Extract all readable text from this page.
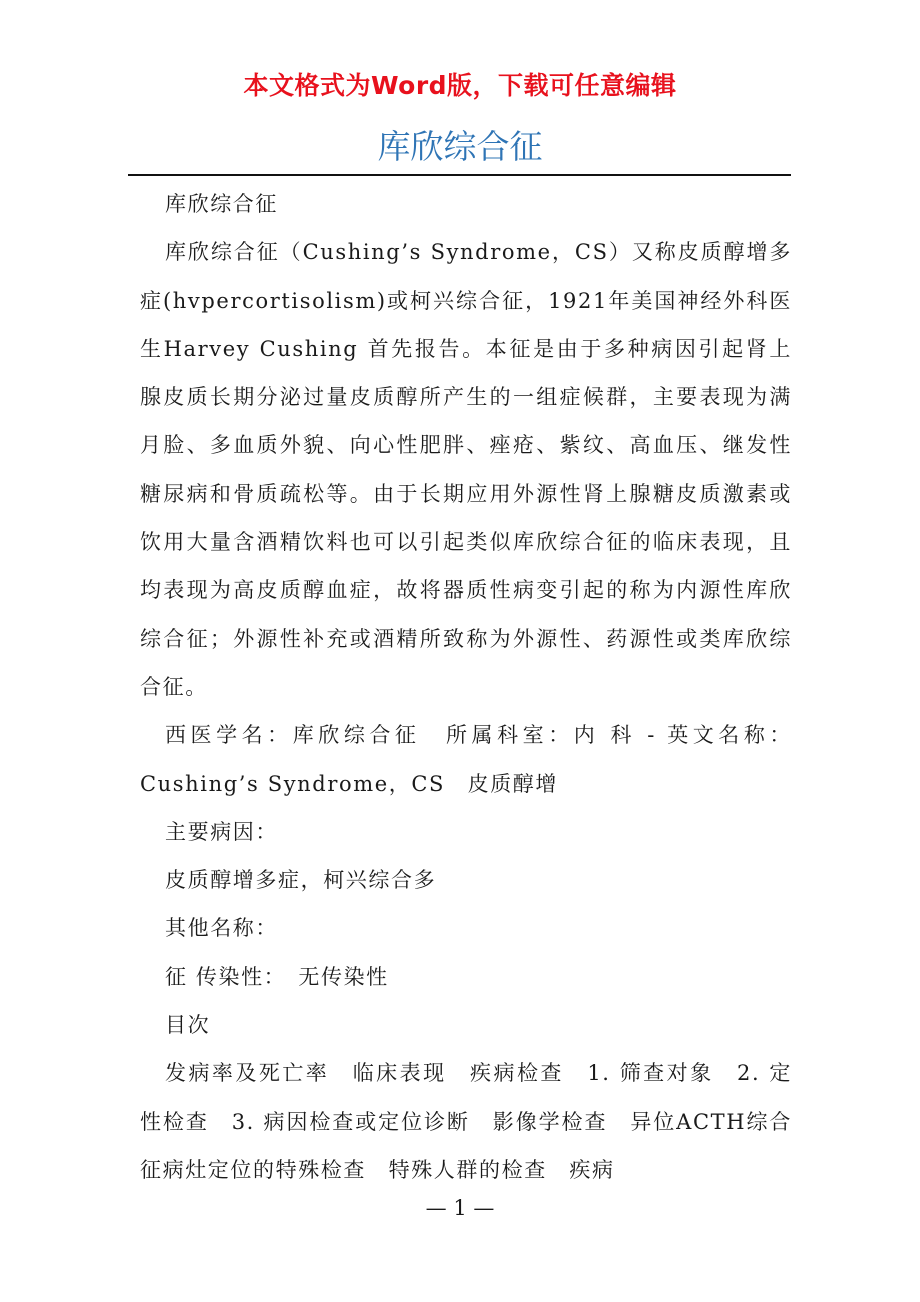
本文格式为Word版，下载可任意编辑
库欣综合征

库欣综合征

库欣综合征（Cushing’s Syndrome，CS）又称皮质醇增多症(hvpercortisolism)或柯兴综合征，1921年美国神经外科医生Harvey Cushing 首先报告。本征是由于多种病因引起肾上腺皮质长期分泌过量皮质醇所产生的一组症候群，主要表现为满月脸、多血质外貌、向心性肥胖、痤疮、紫纹、高血压、继发性糖尿病和骨质疏松等。由于长期应用外源性肾上腺糖皮质激素或饮用大量含酒精饮料也可以引起类似库欣综合征的临床表现，且均表现为高皮质醇血症，故将器质性病变引起的称为内源性库欣综合征；外源性补充或酒精所致称为外源性、药源性或类库欣综合征。

西医学名：库欣综合征　所属科室：内 科 - 英文名称：Cushing’s Syndrome，CS　皮质醇增

主要病因：

皮质醇增多症，柯兴综合多

其他名称：

征 传染性：　无传染性

目次

发病率及死亡率　临床表现　疾病检查　1. 筛查对象　2. 定性检查　3. 病因检查或定位诊断　影像学检查　异位ACTH综合征病灶定位的特殊检查　特殊人群的检查　疾病

— 1 —
